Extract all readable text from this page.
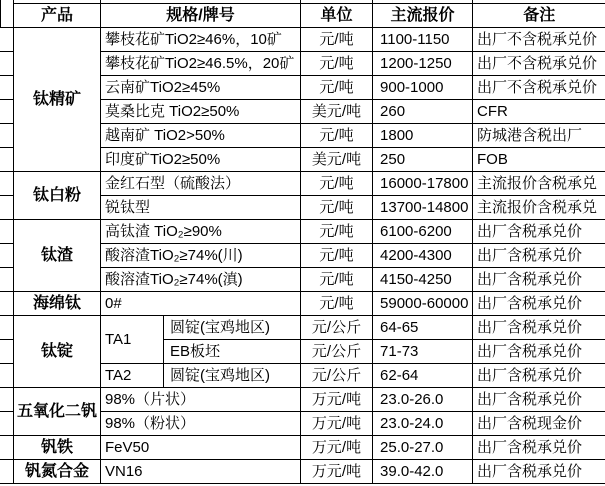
产品	规格/牌号		单位	主流报价	备注
钛精矿	攀枝花矿TiO2≥46%，10矿		元/吨	1100-1150	出厂不含税承兑价
	攀枝花矿TiO2≥46.5%，20矿		元/吨	1200-1250	出厂不含税承兑价
	云南矿TiO2≥45%		元/吨	900-1000	出厂不含税承兑价
	莫桑比克 TiO2≥50%		美元/吨	260	CFR
	越南矿 TiO2>50%		元/吨	1800	防城港含税出厂
	印度矿TiO2≥50%		美元/吨	250	FOB
钛白粉	金红石型（硫酸法）		元/吨	16000-17800	主流报价含税承兑
	锐钛型		元/吨	13700-14800	主流报价含税承兑
钛渣	高钛渣 TiO₂≥90%		元/吨	6100-6200	出厂含税承兑价
	酸溶渣TiO₂≥74%(川)		元/吨	4200-4300	出厂含税承兑价
	酸溶渣TiO₂≥74%(滇)		元/吨	4150-4250	出厂含税承兑价
海绵钛	0#		元/吨	59000-60000	出厂含税承兑价
钛锭	TA1	圆锭(宝鸡地区)	元/公斤	64-65	出厂含税承兑价
		EB板坯	元/公斤	71-73	出厂含税承兑价
	TA2	圆锭(宝鸡地区)	元/公斤	62-64	出厂含税承兑价
五氧化二钒	98%（片状）		万元/吨	23.0-26.0	出厂含税承兑价
	98%（粉状）		万元/吨	23.0-24.0	出厂含税现金价
钒铁	FeV50		万元/吨	25.0-27.0	出厂含税承兑价
钒氮合金	VN16		万元/吨	39.0-42.0	出厂含税承兑价
